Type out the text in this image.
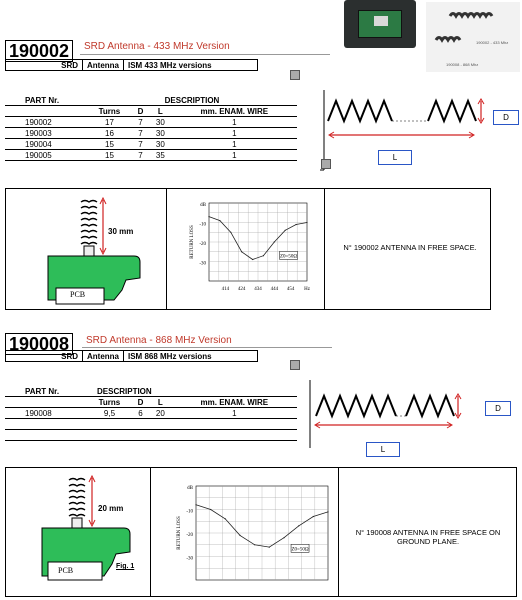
190002 - 433 Mhz
190008 - 868 Mhz
190002	SRD Antenna - 433 MHz Version
SRD	Antenna	ISM 433 MHz versions
PART Nr.	DESCRIPTION			
	Turns	D	L	mm. ENAM. WIRE
190002	17	7	30	1
190003	16	7	30	1
190004	15	7	30	1
190005	15	7	35	1
D
L
30 mm
PCB
-10
-20
-30
dB
RETURN LOSS
414 424 434 444 454 Hz
Z0=50Ω
N° 190002 ANTENNA IN FREE SPACE.
190008	SRD Antenna - 868 MHz Version
SRD	Antenna	ISM 868 MHz versions
PART Nr.	DESCRIPTION			
	Turns	D	L	mm. ENAM. WIRE
190008	9,5	6	20	1

					D
L
20 mm
PCB	Fig. 1
dB
-10
-20
-30
RETURN LOSS
Z0=50Ω
N° 190008 ANTENNA IN FREE SPACE ON GROUND PLANE.
